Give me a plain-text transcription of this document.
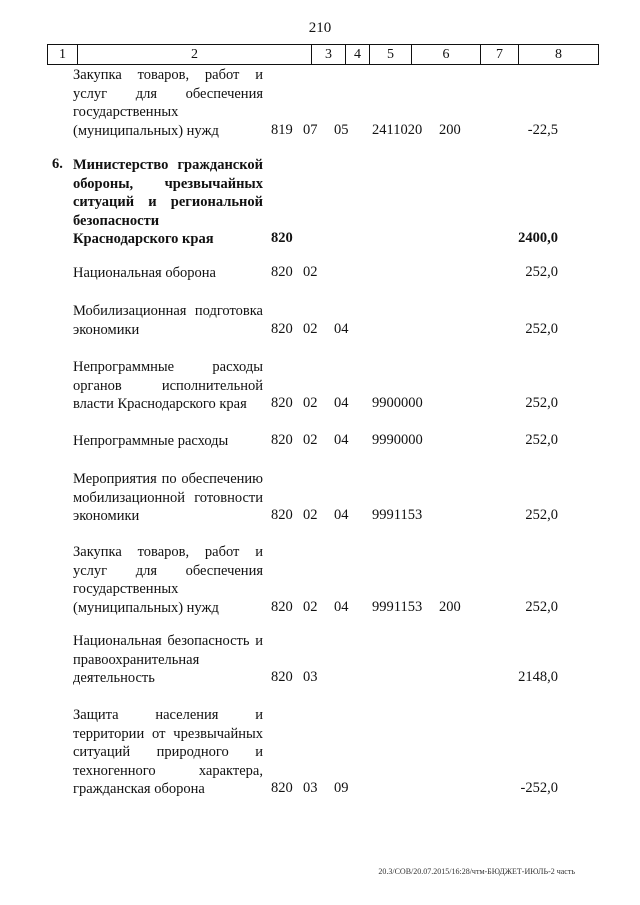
210
1	2	3	4	5	6	7	8
Закупка товаров, работ и услуг для обеспечения государственных (муниципальных) нужд	819 07 05 2411020 200	-22,5
6. Министерство гражданской обороны, чрезвычайных ситуаций и региональной безопасности Краснодарского края	820	2400,0
Национальная оборона	820 02	252,0
Мобилизационная подготовка экономики	820 02 04	252,0
Непрограммные расходы органов исполнительной власти Краснодарского края	820 02 04 9900000	252,0
Непрограммные расходы	820 02 04 9990000	252,0
Мероприятия по обеспечению мобилизационной готовности экономики	820 02 04 9991153	252,0
Закупка товаров, работ и услуг для обеспечения государственных (муниципальных) нужд	820 02 04 9991153 200	252,0
Национальная безопасность и правоохранительная деятельность	820 03	2148,0
Защита населения и территории от чрезвычайных ситуаций природного и техногенного характера, гражданская оборона	820 03 09	-252,0
20.3/СОВ/20.07.2015/16:28/чтм-БЮДЖЕТ-ИЮЛЬ-2 часть
